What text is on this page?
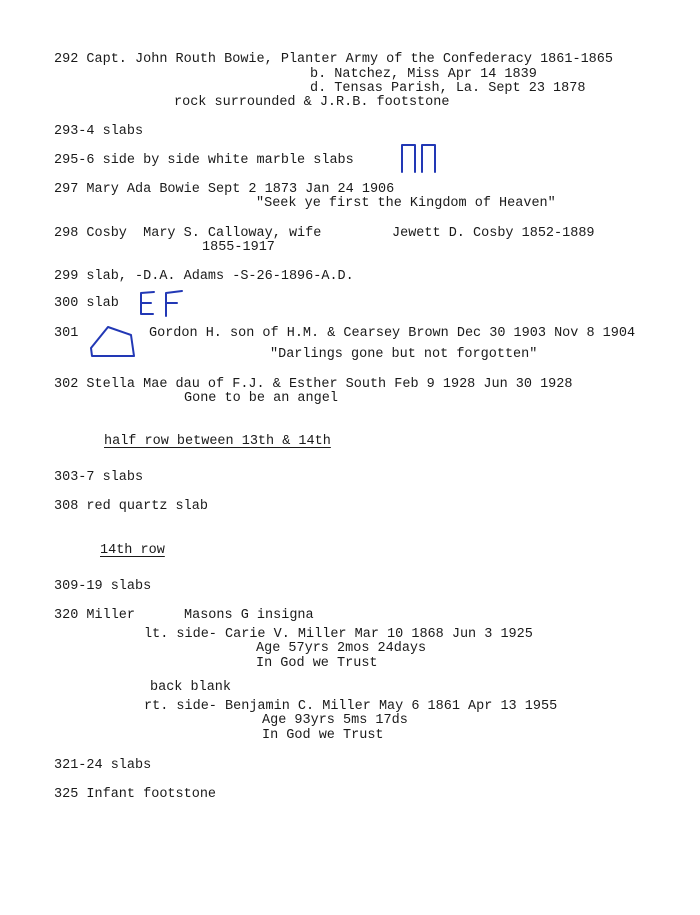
292 Capt. John Routh Bowie, Planter Army of the Confederacy 1861-1865
b. Natchez, Miss Apr 14 1839
d. Tensas Parish, La. Sept 23 1878
rock surrounded & J.R.B. footstone
293-4 slabs
295-6 side by side white marble slabs
297 Mary Ada Bowie Sept 2 1873 Jan 24 1906
"Seek ye first the Kingdom of Heaven"
298 Cosby  Mary S. Calloway, wife	Jewett D. Cosby 1852-1889
1855-1917
299 slab, -D.A. Adams -S-26-1896-A.D.
300 slab
301	Gordon H. son of H.M. & Cearsey Brown Dec 30 1903 Nov 8 1904
"Darlings gone but not forgotten"
302 Stella Mae dau of F.J. & Esther South Feb 9 1928 Jun 30 1928
Gone to be an angel
half row between 13th & 14th
303-7 slabs
308 red quartz slab
14th row
309-19 slabs
320 Miller	Masons G insigna
lt. side- Carie V. Miller Mar 10 1868 Jun 3 1925
Age 57yrs 2mos 24days
In God we Trust
back blank
rt. side- Benjamin C. Miller May 6 1861 Apr 13 1955
Age 93yrs 5ms 17ds
In God we Trust
321-24 slabs
325 Infant footstone
